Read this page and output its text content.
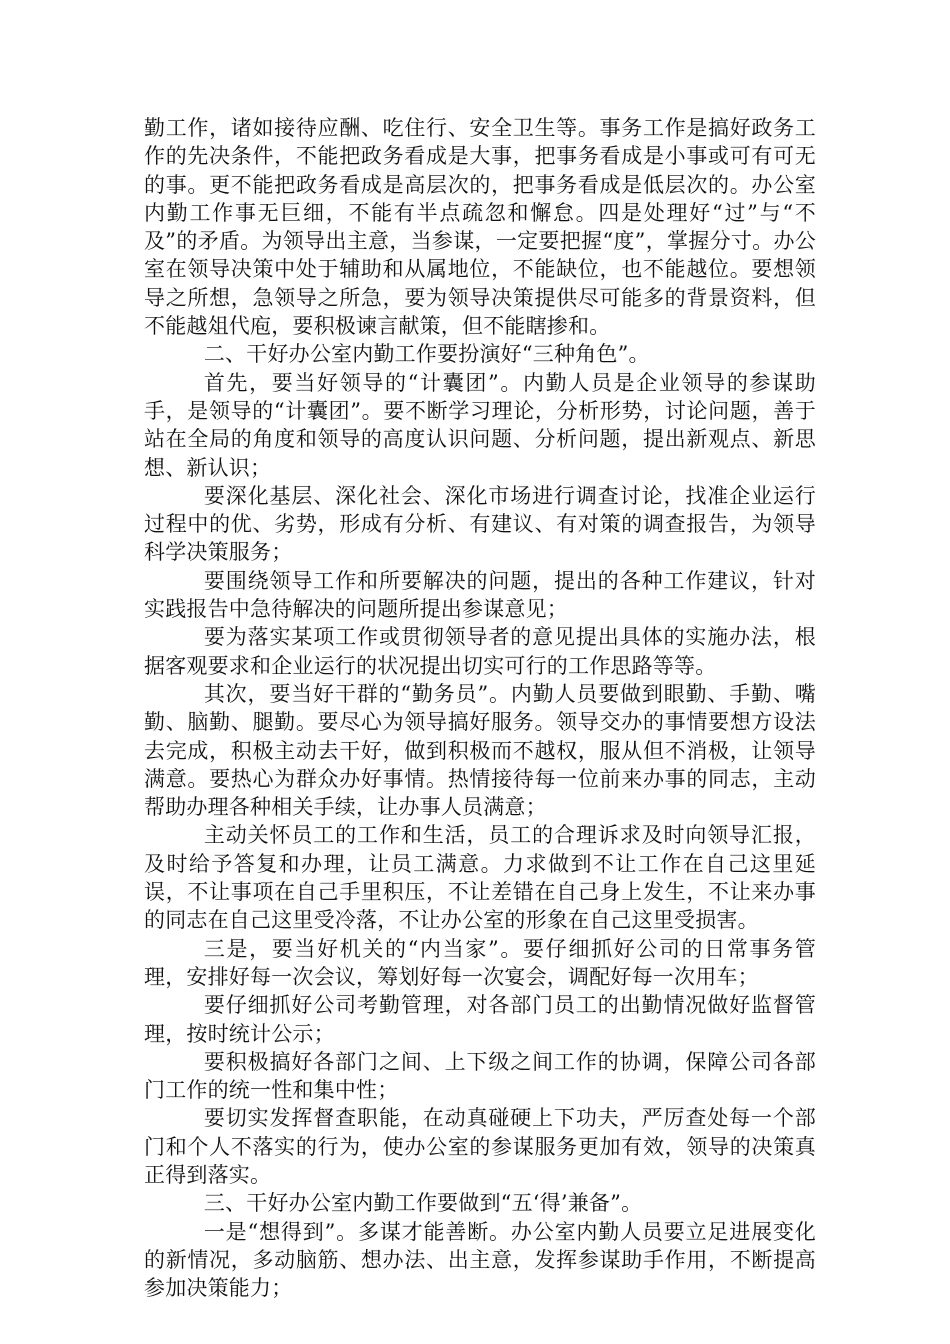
勤工作，诸如接待应酬、吃住行、安全卫生等。事务工作是搞好政务工作的先决条件，不能把政务看成是大事，把事务看成是小事或可有可无的事。更不能把政务看成是高层次的，把事务看成是低层次的。办公室内勤工作事无巨细，不能有半点疏忽和懈怠。四是处理好“过”与“不及”的矛盾。为领导出主意，当参谋，一定要把握“度”，掌握分寸。办公室在领导决策中处于辅助和从属地位，不能缺位，也不能越位。要想领导之所想，急领导之所急，要为领导决策提供尽可能多的背景资料，但不能越俎代庖，要积极谏言献策，但不能瞎掺和。

二、干好办公室内勤工作要扮演好“三种角色”。

首先，要当好领导的“计囊团”。内勤人员是企业领导的参谋助手，是领导的“计囊团”。要不断学习理论，分析形势，讨论问题，善于站在全局的角度和领导的高度认识问题、分析问题，提出新观点、新思想、新认识；

要深化基层、深化社会、深化市场进行调查讨论，找准企业运行过程中的优、劣势，形成有分析、有建议、有对策的调查报告，为领导科学决策服务；

要围绕领导工作和所要解决的问题，提出的各种工作建议，针对实践报告中急待解决的问题所提出参谋意见；

要为落实某项工作或贯彻领导者的意见提出具体的实施办法，根据客观要求和企业运行的状况提出切实可行的工作思路等等。

其次，要当好干群的“勤务员”。内勤人员要做到眼勤、手勤、嘴勤、脑勤、腿勤。要尽心为领导搞好服务。领导交办的事情要想方设法去完成，积极主动去干好，做到积极而不越权，服从但不消极，让领导满意。要热心为群众办好事情。热情接待每一位前来办事的同志，主动帮助办理各种相关手续，让办事人员满意；

主动关怀员工的工作和生活，员工的合理诉求及时向领导汇报，及时给予答复和办理，让员工满意。力求做到不让工作在自己这里延误，不让事项在自己手里积压，不让差错在自己身上发生，不让来办事的同志在自己这里受冷落，不让办公室的形象在自己这里受损害。

三是，要当好机关的“内当家”。要仔细抓好公司的日常事务管理，安排好每一次会议，筹划好每一次宴会，调配好每一次用车；

要仔细抓好公司考勤管理，对各部门员工的出勤情况做好监督管理，按时统计公示；

要积极搞好各部门之间、上下级之间工作的协调，保障公司各部门工作的统一性和集中性；

要切实发挥督查职能，在动真碰硬上下功夫，严厉查处每一个部门和个人不落实的行为，使办公室的参谋服务更加有效，领导的决策真正得到落实。

三、干好办公室内勤工作要做到“五‘得’兼备”。

一是“想得到”。多谋才能善断。办公室内勤人员要立足进展变化的新情况，多动脑筋、想办法、出主意，发挥参谋助手作用，不断提高参加决策能力；
